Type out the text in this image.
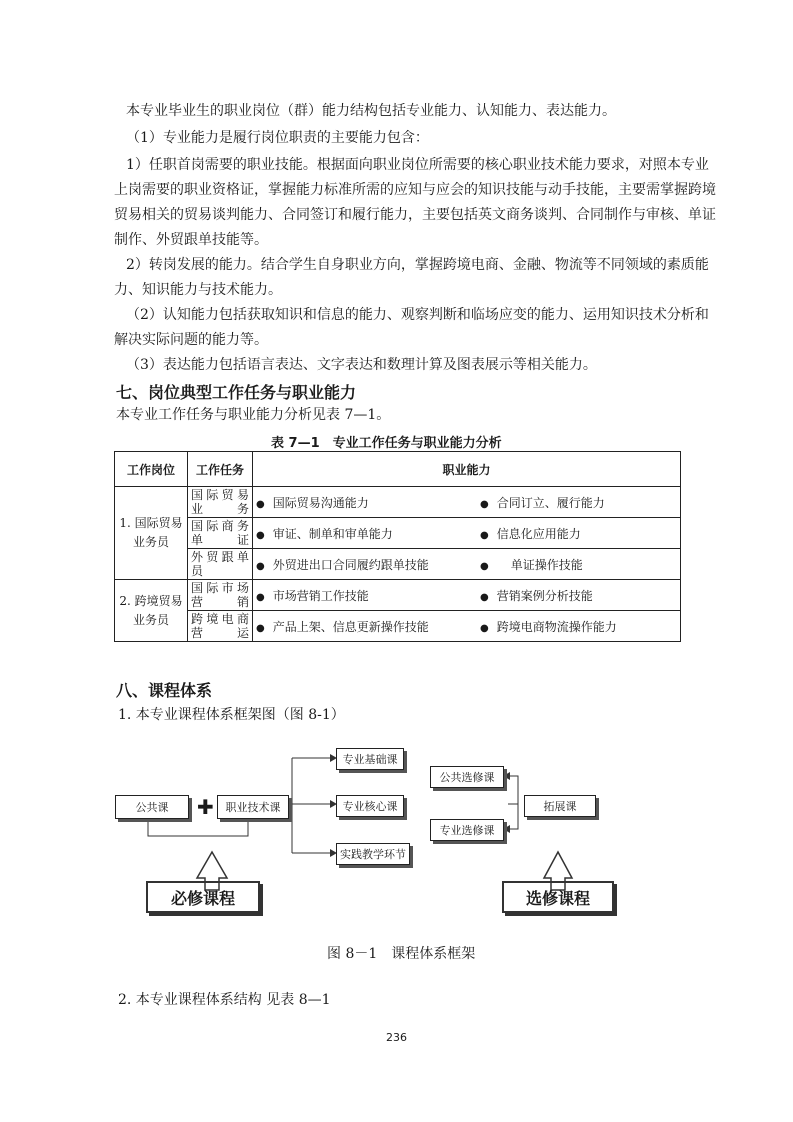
本专业毕业生的职业岗位（群）能力结构包括专业能力、认知能力、表达能力。
（1）专业能力是履行岗位职责的主要能力包含：
1）任职首岗需要的职业技能。根据面向职业岗位所需要的核心职业技术能力要求，对照本专业
上岗需要的职业资格证，掌握能力标准所需的应知与应会的知识技能与动手技能，主要需掌握跨境
贸易相关的贸易谈判能力、合同签订和履行能力，主要包括英文商务谈判、合同制作与审核、单证
制作、外贸跟单技能等。
2）转岗发展的能力。结合学生自身职业方向，掌握跨境电商、金融、物流等不同领域的素质能
力、知识能力与技术能力。
（2）认知能力包括获取知识和信息的能力、观察判断和临场应变的能力、运用知识技术分析和
解决实际问题的能力等。
（3）表达能力包括语言表达、文字表达和数理计算及图表展示等相关能力。
七、岗位典型工作任务与职业能力
本专业工作任务与职业能力分析见表 7—1。
表 7—1　专业工作任务与职业能力分析
工作岗位	工作任务	职业能力	
1. 国际贸易业务员	国际贸易业务	● 国际贸易沟通能力	● 合同订立、履行能力
	国际商务单证	● 审证、制单和审单能力	● 信息化应用能力
	外贸跟单员	● 外贸进出口合同履约跟单技能	● 单证操作技能
2. 跨境贸易业务员	国际市场营销	● 市场营销工作技能	● 营销案例分析技能
	跨境电商营运	● 产品上架、信息更新操作技能	● 跨境电商物流操作能力
八、课程体系
1. 本专业课程体系框架图（图 8-1）
公共课	✚	职业技术课
专业基础课
专业核心课
实践教学环节
必修课程
公共选修课
专业选修课
拓展课
选修课程
图 8－1　课程体系框架
2. 本专业课程体系结构 见表 8—1
236
